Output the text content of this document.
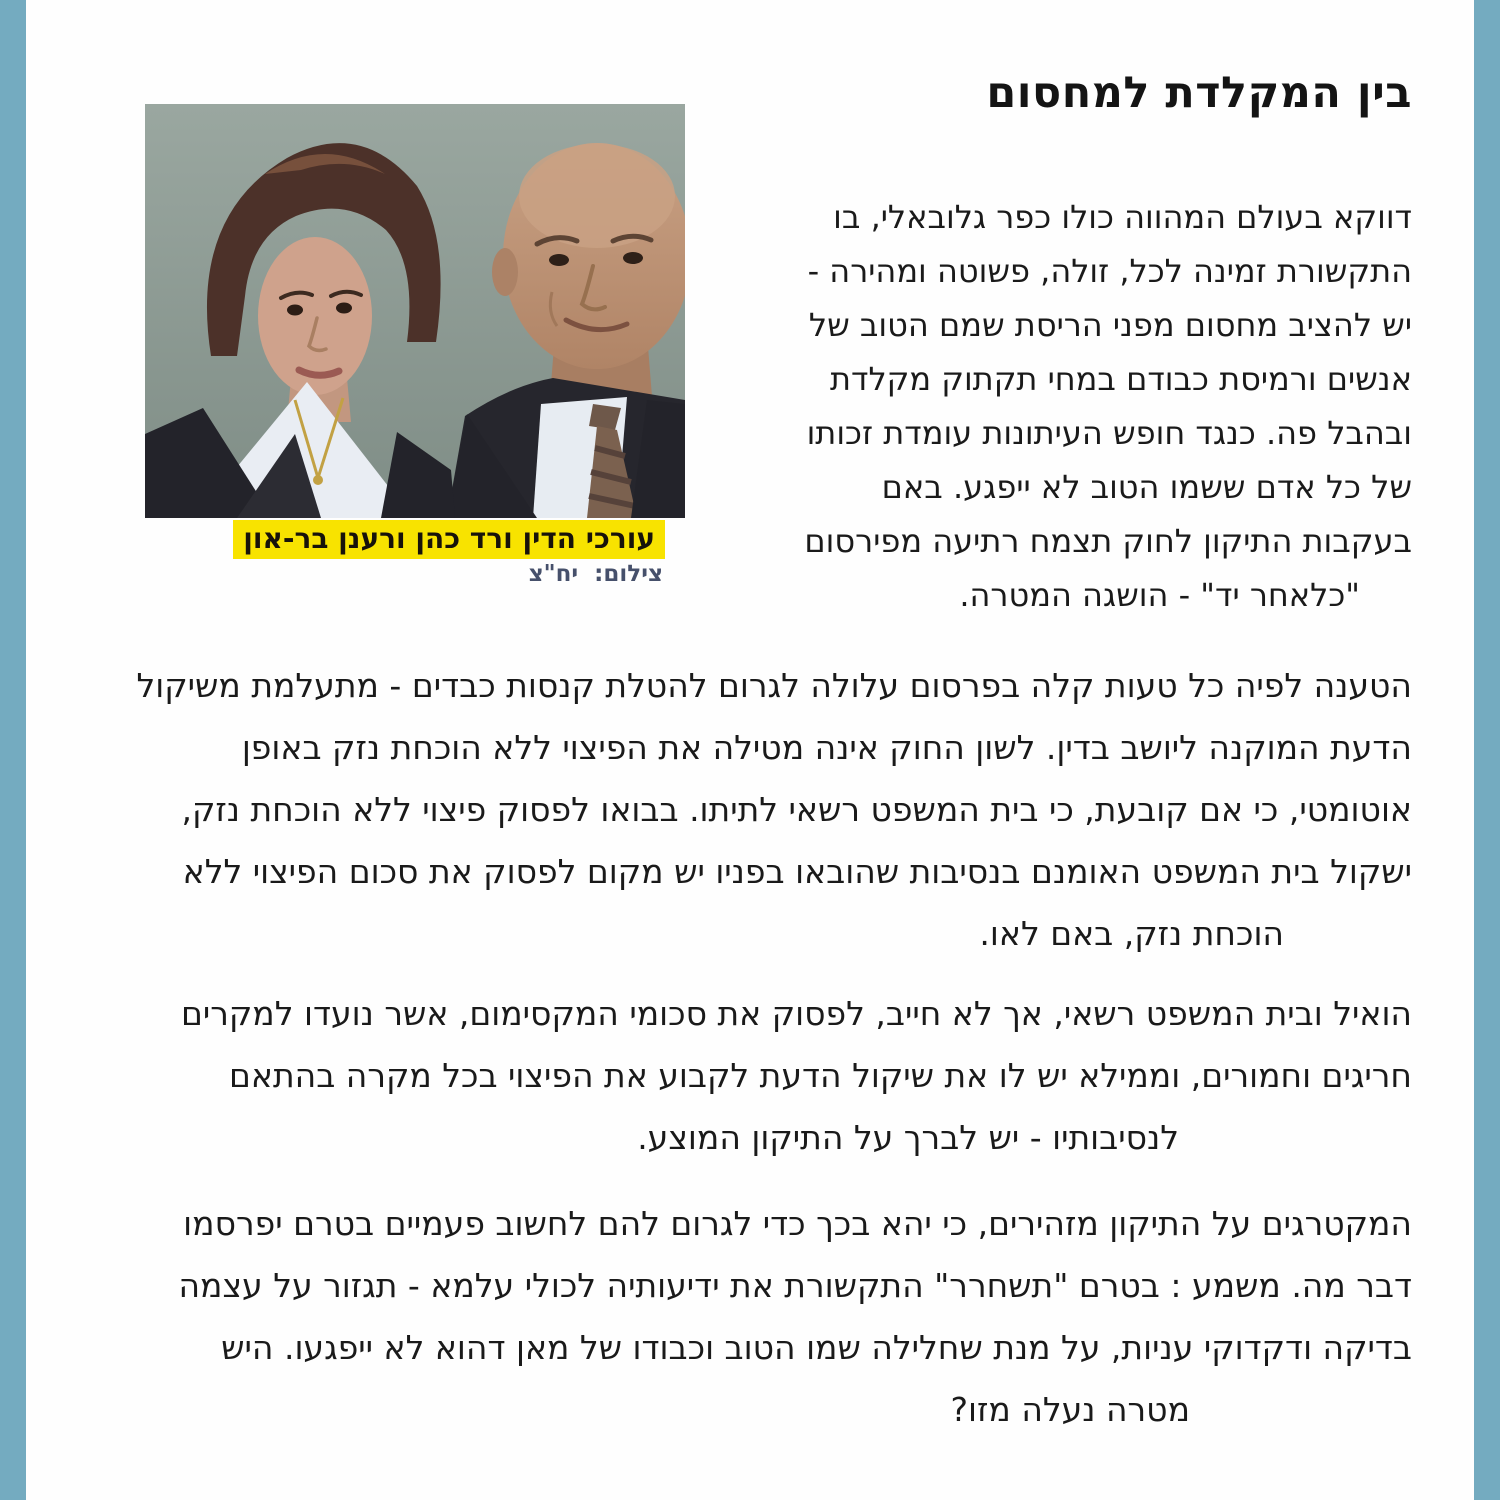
בין המקלדת למחסום
עורכי הדין ורד כהן ורענן בר-און
צילום:  יח"צ
דווקא בעולם המהווה כולו כפר גלובאלי, בו
התקשורת זמינה לכל, זולה, פשוטה ומהירה -
יש להציב מחסום מפני הריסת שמם הטוב של
אנשים ורמיסת כבודם במחי תקתוק מקלדת
ובהבל פה. כנגד חופש העיתונות עומדת זכותו
של כל אדם ששמו הטוב לא ייפגע. באם
בעקבות התיקון לחוק תצמח רתיעה מפירסום
"כלאחר יד" - הושגה המטרה.
הטענה לפיה כל טעות קלה בפרסום עלולה לגרום להטלת קנסות כבדים - מתעלמת משיקול
הדעת המוקנה ליושב בדין. לשון החוק אינה מטילה את הפיצוי ללא הוכחת נזק באופן
אוטומטי, כי אם קובעת, כי בית המשפט רשאי לתיתו. בבואו לפסוק פיצוי ללא הוכחת נזק,
ישקול בית המשפט האומנם בנסיבות שהובאו בפניו יש מקום לפסוק את סכום הפיצוי ללא
הוכחת נזק, באם לאו.
הואיל ובית המשפט רשאי, אך לא חייב, לפסוק את סכומי המקסימום, אשר נועדו למקרים
חריגים וחמורים, וממילא יש לו את שיקול הדעת לקבוע את הפיצוי בכל מקרה בהתאם
לנסיבותיו - יש לברך על התיקון המוצע.
המקטרגים על התיקון מזהירים, כי יהא בכך כדי לגרום להם לחשוב פעמיים בטרם יפרסמו
דבר מה. משמע : בטרם "תשחרר" התקשורת את ידיעותיה לכולי עלמא - תגזור על עצמה
בדיקה ודקדוקי עניות, על מנת שחלילה שמו הטוב וכבודו של מאן דהוא לא ייפגעו. היש
מטרה נעלה מזו?
